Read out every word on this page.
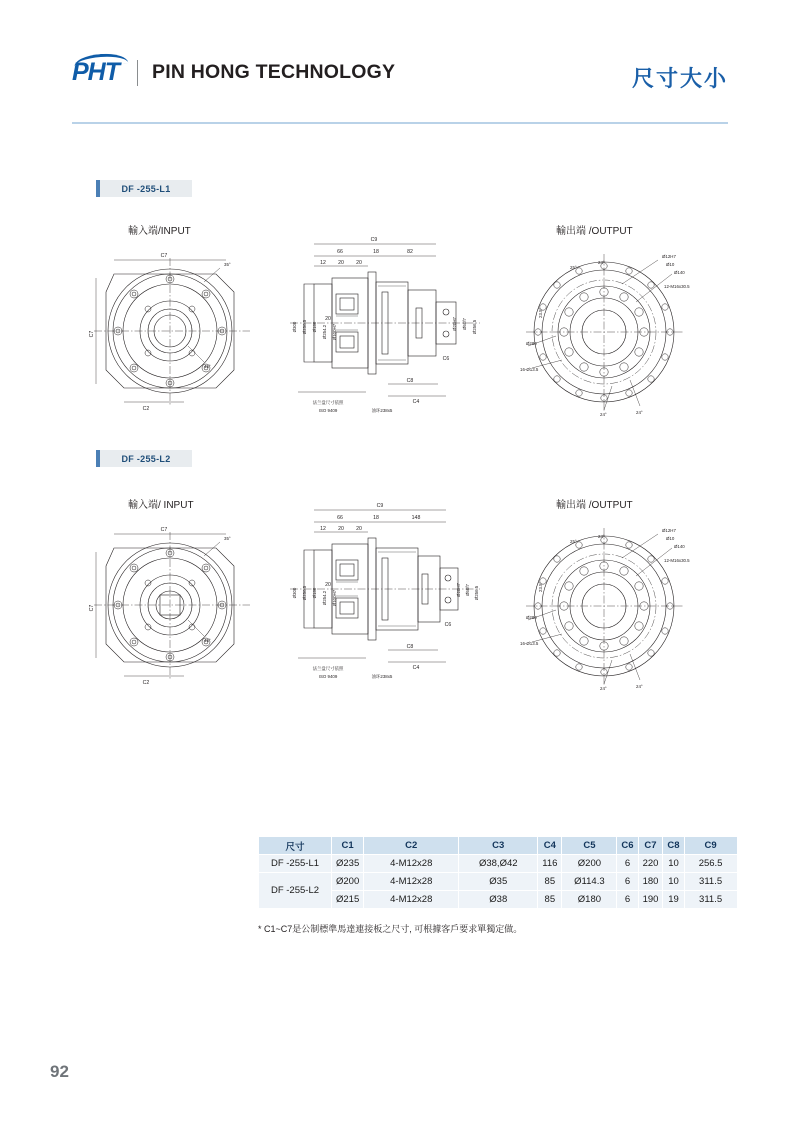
PHT PIN HONG TECHNOLOGY	尺寸大小
DF -255-L1
輸入端/INPUT	輸出端 /OUTPUT
C7
C7
C2
35°
45°
C9
66	18	82
12 20 20
20
Ø300 Ø256.5 Ø180 Ø254.2 Ø100H7	Ø20H7 Ø50f7 Ø256.5
C6
C8
C4
法兰盘尺寸依照
ISO 9409	油环238x5
Ø12H7
Ø10
Ø140
12-M16x30.5
Ø280
16-Ø13.5
25°
24°
23.5°
24°	24°
DF -255-L2
輸入端/ INPUT	輸出端 /OUTPUT
C7
C7
C2
35°
45°
C9
66	18	148
12 20 20
20
Ø300 Ø256.5 Ø180 Ø254.2 Ø100H7	Ø20H7 Ø50f7 Ø256.5
C6
C8
C4
法兰盘尺寸依照
ISO 9409	油环238x5
Ø12H7
Ø10
Ø140
12-M16x30.5
Ø280
16-Ø13.5
25°
24°
23.5°
24°	24°
尺寸	C1	C2	C3	C4	C5	C6	C7	C8	C9
DF -255-L1	Ø235	4-M12x28	Ø38,Ø42	116	Ø200	6	220	10	256.5
DF -255-L2	Ø200	4-M12x28	Ø35	85	Ø114.3	6	180	10	311.5
	Ø215	4-M12x28	Ø38	85	Ø180	6	190	19	311.5
* C1~C7是公制標準馬達連接板之尺寸, 可根據客戶要求單獨定做。
92
